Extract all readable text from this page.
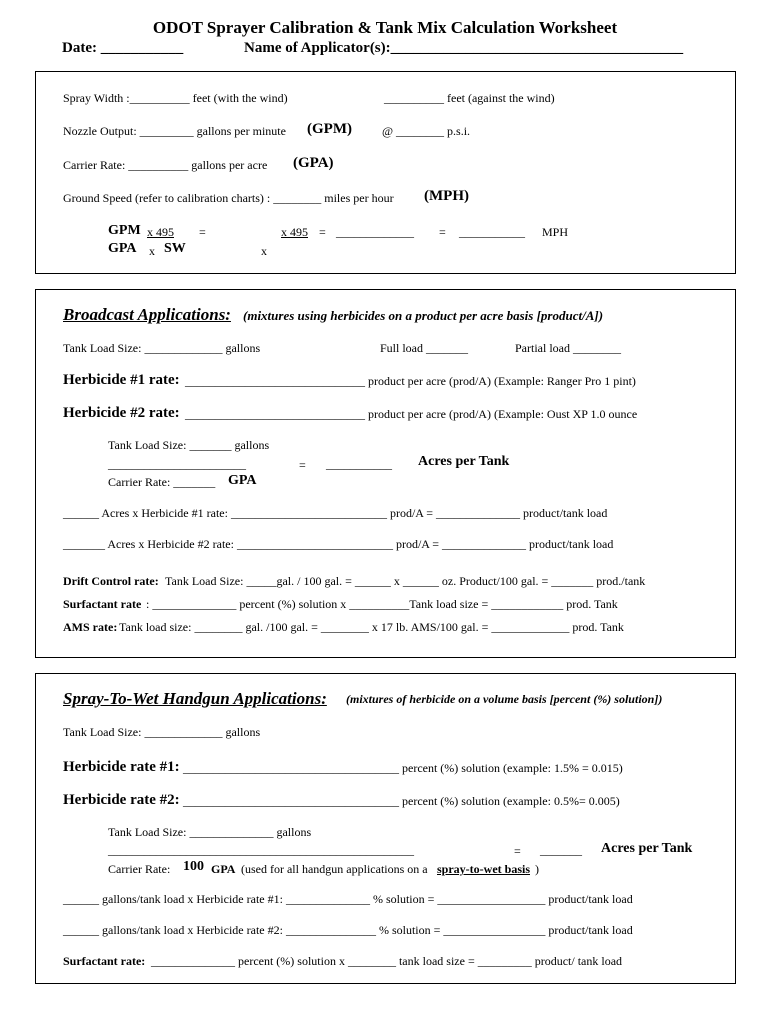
ODOT Sprayer Calibration & Tank Mix Calculation Worksheet
Date: ___________	Name of Applicator(s):_______________________________________
Spray Width :__________ feet (with the wind)	__________ feet (against the wind)
Nozzle Output: _________ gallons per minute (GPM)	@ ________ p.s.i.
Carrier Rate: __________ gallons per acre (GPA)
Ground Speed (refer to calibration charts) : ________ miles per hour (MPH)
GPM x 495 =	x 495 = _____________ = ___________ MPH
GPA x SW	x
Broadcast Applications: (mixtures using herbicides on a product per acre basis [product/A])
Tank Load Size: _____________ gallons	Full load _______	Partial load ________
Herbicide #1 rate: ______________________________ product per acre (prod/A) (Example: Ranger Pro 1 pint)
Herbicide #2 rate: ______________________________ product per acre (prod/A) (Example: Oust XP 1.0 ounce
Tank Load Size: _______ gallons
_______________________	= ___________ Acres per Tank
Carrier Rate: _______ GPA
______ Acres x Herbicide #1 rate: __________________________ prod/A = ______________ product/tank load
_______ Acres x Herbicide #2 rate: __________________________ prod/A = ______________ product/tank load
Drift Control rate: Tank Load Size: _____gal. / 100 gal. = ______ x ______ oz. Product/100 gal. = _______ prod./tank
Surfactant rate : ______________ percent (%) solution x __________Tank load size = ____________ prod. Tank
AMS rate: Tank load size: ________ gal. /100 gal. = ________ x 17 lb. AMS/100 gal. = _____________ prod. Tank
Spray-To-Wet Handgun Applications: (mixtures of herbicide on a volume basis [percent (%) solution])
Tank Load Size: _____________ gallons
Herbicide rate #1: ____________________________________ percent (%) solution (example: 1.5% = 0.015)
Herbicide rate #2: ____________________________________ percent (%) solution (example: 0.5%= 0.005)
Tank Load Size: ______________ gallons
___________________________________________________	= _______ Acres per Tank
Carrier Rate: 100 GPA (used for all handgun applications on a spray-to-wet basis )
______ gallons/tank load x Herbicide rate #1: ______________ % solution = __________________ product/tank load
______ gallons/tank load x Herbicide rate #2: _______________ % solution = _________________ product/tank load
Surfactant rate: ______________ percent (%) solution x ________ tank load size = _________ product/ tank load
